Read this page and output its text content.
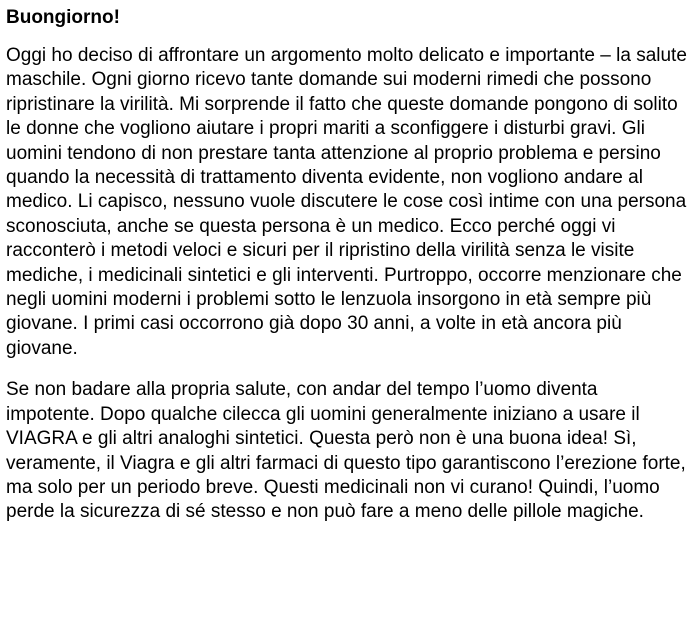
Buongiorno!

Oggi ho deciso di affrontare un argomento molto delicato e importante – la salute maschile. Ogni giorno ricevo tante domande sui moderni rimedi che possono ripristinare la virilità. Mi sorprende il fatto che queste domande pongono di solito le donne che vogliono aiutare i propri mariti a sconfiggere i disturbi gravi. Gli uomini tendono di non prestare tanta attenzione al proprio problema e persino quando la necessità di trattamento diventa evidente, non vogliono andare al medico. Li capisco, nessuno vuole discutere le cose così intime con una persona sconosciuta, anche se questa persona è un medico. Ecco perché oggi vi racconterò i metodi veloci e sicuri per il ripristino della virilità senza le visite mediche, i medicinali sintetici e gli interventi. Purtroppo, occorre menzionare che negli uomini moderni i problemi sotto le lenzuola insorgono in età sempre più giovane. I primi casi occorrono già dopo 30 anni, a volte in età ancora più giovane.

Se non badare alla propria salute, con andar del tempo l’uomo diventa impotente. Dopo qualche cilecca gli uomini generalmente iniziano a usare il VIAGRA e gli altri analoghi sintetici. Questa però non è una buona idea! Sì, veramente, il Viagra e gli altri farmaci di questo tipo garantiscono l’erezione forte, ma solo per un periodo breve. Questi medicinali non vi curano! Quindi, l’uomo perde la sicurezza di sé stesso e non può fare a meno delle pillole magiche.
